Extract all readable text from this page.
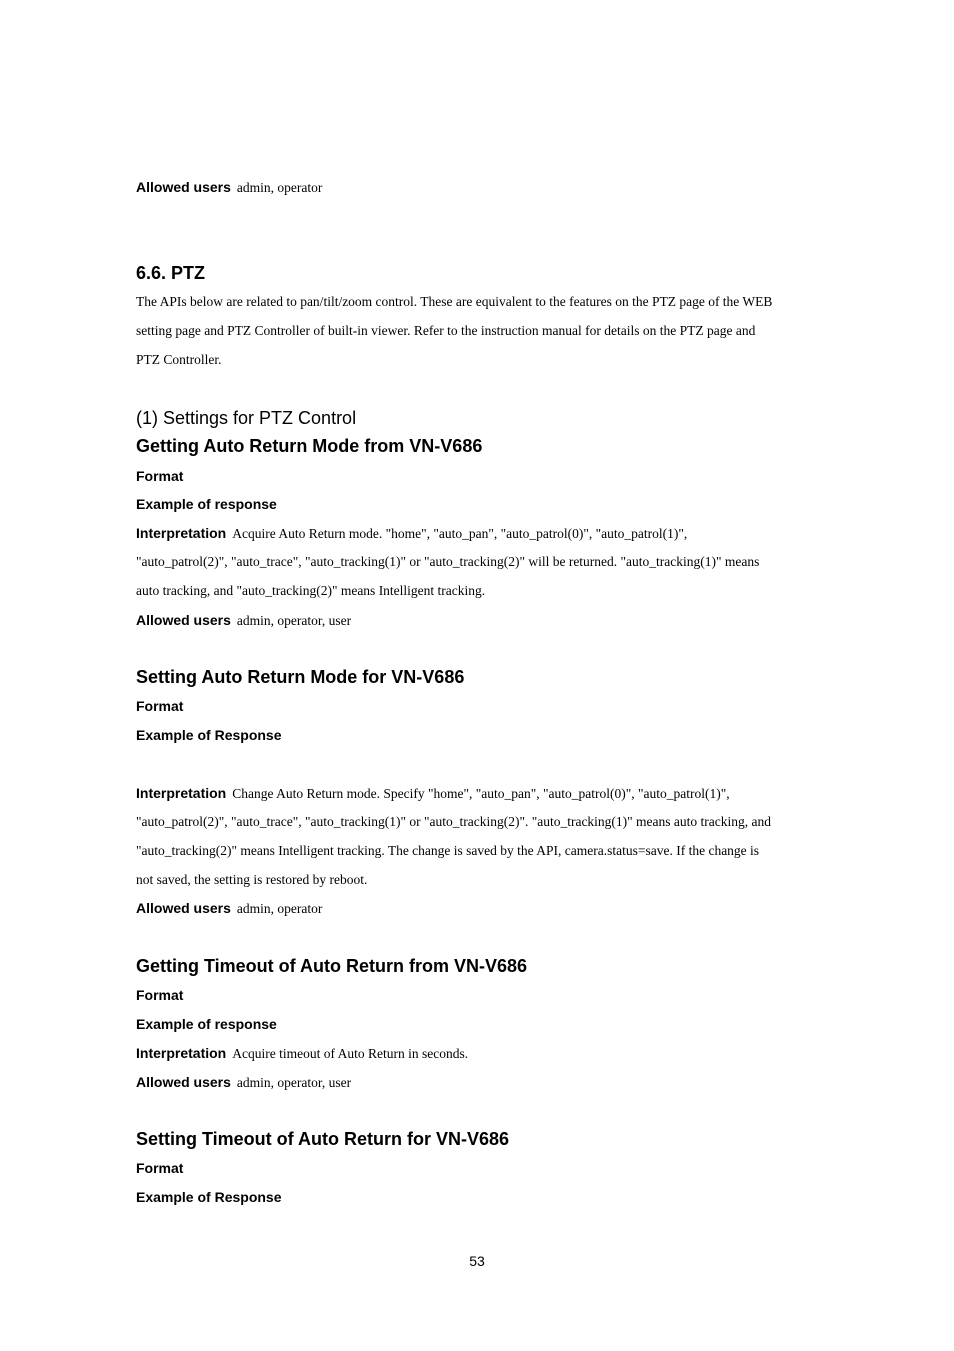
Allowed users admin, operator
6.6. PTZ
The APIs below are related to pan/tilt/zoom control. These are equivalent to the features on the PTZ page of the WEB
setting page and PTZ Controller of built-in viewer. Refer to the instruction manual for details on the PTZ page and
PTZ Controller.
(1) Settings for PTZ Control
Getting Auto Return Mode from VN-V686
Format
Example of response
Interpretation Acquire Auto Return mode. "home", "auto_pan", "auto_patrol(0)", "auto_patrol(1)",
"auto_patrol(2)", "auto_trace", "auto_tracking(1)" or "auto_tracking(2)" will be returned. "auto_tracking(1)" means
auto tracking, and "auto_tracking(2)" means Intelligent tracking.
Allowed users admin, operator, user
Setting Auto Return Mode for VN-V686
Format
Example of Response
Interpretation Change Auto Return mode. Specify "home", "auto_pan", "auto_patrol(0)", "auto_patrol(1)",
"auto_patrol(2)", "auto_trace", "auto_tracking(1)" or "auto_tracking(2)". "auto_tracking(1)" means auto tracking, and
"auto_tracking(2)" means Intelligent tracking. The change is saved by the API, camera.status=save. If the change is
not saved, the setting is restored by reboot.
Allowed users admin, operator
Getting Timeout of Auto Return from VN-V686
Format
Example of response
Interpretation Acquire timeout of Auto Return in seconds.
Allowed users admin, operator, user
Setting Timeout of Auto Return for VN-V686
Format
Example of Response
53
